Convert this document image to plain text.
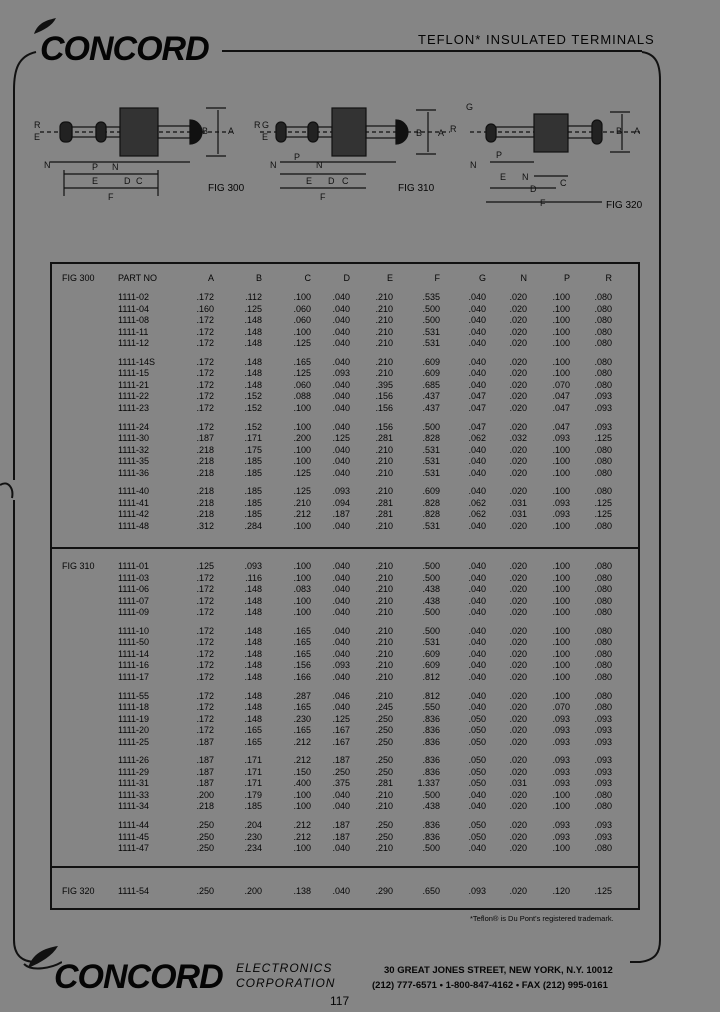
CONCORD	TEFLON* INSULATED TERMINALS
R
E
N	P N
E	D C
F
B A
R G
E
N
P
N
E D C
F
B A
G
R
N
P
E N
D
F
B A
C
FIG 300	FIG 310
FIG 320
FIG 300	PART NO	A	B	C	D	E	F	G	N	P	R
1111-02	.172	.112	.100	.040	.210	.535	.040	.020	.100	.080
1111-04	.160	.125	.060	.040	.210	.500	.040	.020	.100	.080
1111-08	.172	.148	.060	.040	.210	.500	.040	.020	.100	.080
1111-11	.172	.148	.100	.040	.210	.531	.040	.020	.100	.080
1111-12	.172	.148	.125	.040	.210	.531	.040	.020	.100	.080
1111-14S	.172	.148	.165	.040	.210	.609	.040	.020	.100	.080
1111-15	.172	.148	.125	.093	.210	.609	.040	.020	.100	.080
1111-21	.172	.148	.060	.040	.395	.685	.040	.020	.070	.080
1111-22	.172	.152	.088	.040	.156	.437	.047	.020	.047	.093
1111-23	.172	.152	.100	.040	.156	.437	.047	.020	.047	.093
1111-24	.172	.152	.100	.040	.156	.500	.047	.020	.047	.093
1111-30	.187	.171	.200	.125	.281	.828	.062	.032	.093	.125
1111-32	.218	.175	.100	.040	.210	.531	.040	.020	.100	.080
1111-35	.218	.185	.100	.040	.210	.531	.040	.020	.100	.080
1111-36	.218	.185	.125	.040	.210	.531	.040	.020	.100	.080
1111-40	.218	.185	.125	.093	.210	.609	.040	.020	.100	.080
1111-41	.218	.185	.210	.094	.281	.828	.062	.031	.093	.125
1111-42	.218	.185	.212	.187	.281	.828	.062	.031	.093	.125
1111-48	.312	.284	.100	.040	.210	.531	.040	.020	.100	.080
FIG 310	1111-01	.125	.093	.100	.040	.210	.500	.040	.020	.100	.080
1111-03	.172	.116	.100	.040	.210	.500	.040	.020	.100	.080
1111-06	.172	.148	.083	.040	.210	.438	.040	.020	.100	.080
1111-07	.172	.148	.100	.040	.210	.438	.040	.020	.100	.080
1111-09	.172	.148	.100	.040	.210	.500	.040	.020	.100	.080
1111-10	.172	.148	.165	.040	.210	.500	.040	.020	.100	.080
1111-50	.172	.148	.165	.040	.210	.531	.040	.020	.100	.080
1111-14	.172	.148	.165	.040	.210	.609	.040	.020	.100	.080
1111-16	.172	.148	.156	.093	.210	.609	.040	.020	.100	.080
1111-17	.172	.148	.166	.040	.210	.812	.040	.020	.100	.080
1111-55	.172	.148	.287	.046	.210	.812	.040	.020	.100	.080
1111-18	.172	.148	.165	.040	.245	.550	.040	.020	.070	.080
1111-19	.172	.148	.230	.125	.250	.836	.050	.020	.093	.093
1111-20	.172	.165	.165	.167	.250	.836	.050	.020	.093	.093
1111-25	.187	.165	.212	.167	.250	.836	.050	.020	.093	.093
1111-26	.187	.171	.212	.187	.250	.836	.050	.020	.093	.093
1111-29	.187	.171	.150	.250	.250	.836	.050	.020	.093	.093
1111-31	.187	.171	.400	.375	.281	1.337	.050	.031	.093	.093
1111-33	.200	.179	.100	.040	.210	.500	.040	.020	.100	.080
1111-34	.218	.185	.100	.040	.210	.438	.040	.020	.100	.080
1111-44	.250	.204	.212	.187	.250	.836	.050	.020	.093	.093
1111-45	.250	.230	.212	.187	.250	.836	.050	.020	.093	.093
1111-47	.250	.234	.100	.040	.210	.500	.040	.020	.100	.080
FIG 320	1111-54	.250	.200	.138	.040	.290	.650	.093	.020	.120	.125
*Teflon® is Du Pont's registered trademark.
CONCORD ELECTRONICS
CORPORATION
30 GREAT JONES STREET, NEW YORK, N.Y. 10012
(212) 777-6571 • 1-800-847-4162 • FAX (212) 995-0161
117
